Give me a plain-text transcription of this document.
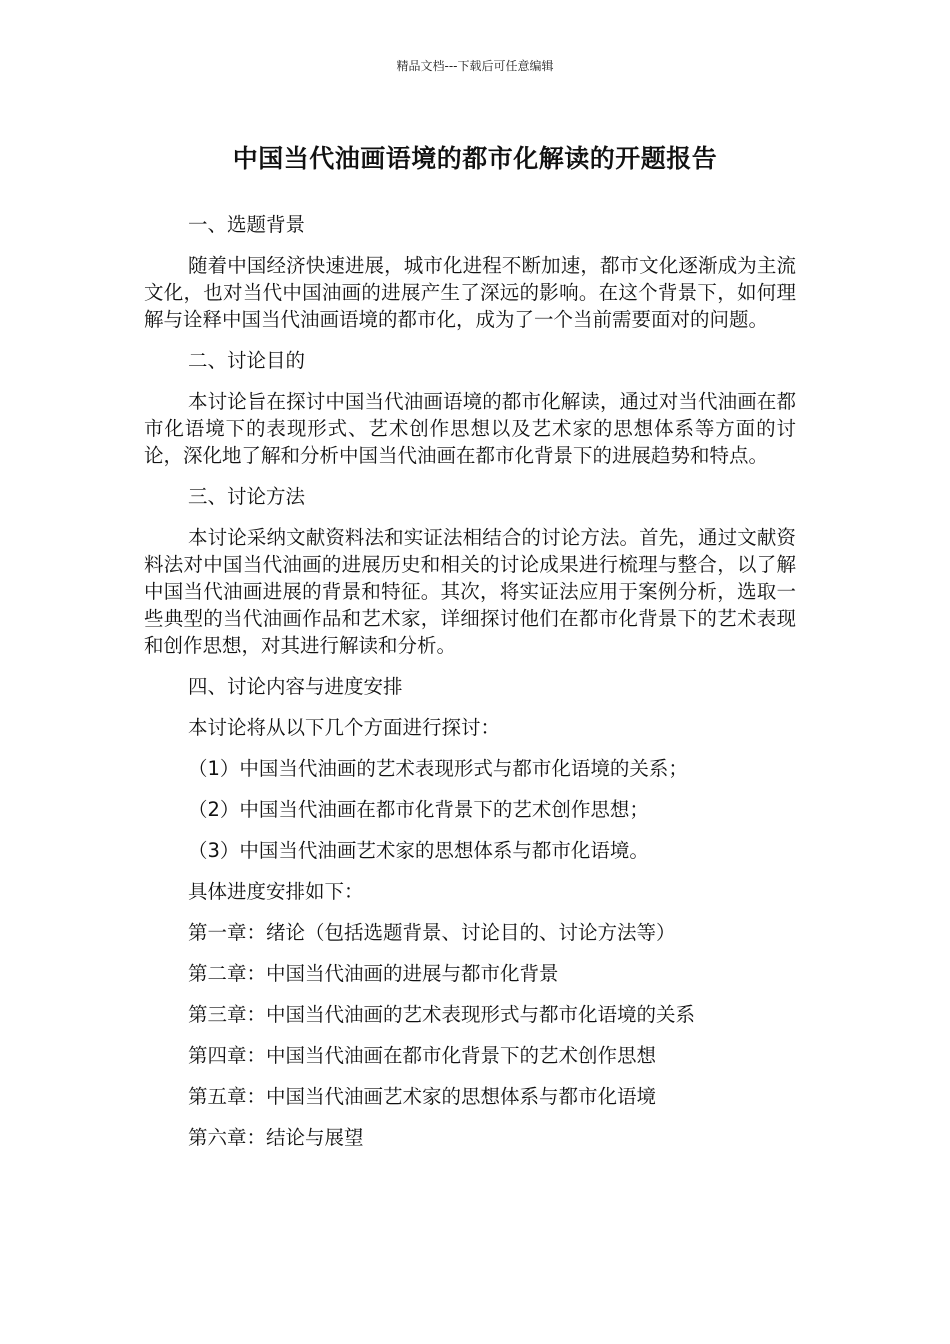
精品文档---下载后可任意编辑
中国当代油画语境的都市化解读的开题报告
一、选题背景
随着中国经济快速进展，城市化进程不断加速，都市文化逐渐成为主流文化，也对当代中国油画的进展产生了深远的影响。在这个背景下，如何理解与诠释中国当代油画语境的都市化，成为了一个当前需要面对的问题。
二、讨论目的
本讨论旨在探讨中国当代油画语境的都市化解读，通过对当代油画在都市化语境下的表现形式、艺术创作思想以及艺术家的思想体系等方面的讨论，深化地了解和分析中国当代油画在都市化背景下的进展趋势和特点。
三、讨论方法
本讨论采纳文献资料法和实证法相结合的讨论方法。首先，通过文献资料法对中国当代油画的进展历史和相关的讨论成果进行梳理与整合，以了解中国当代油画进展的背景和特征。其次，将实证法应用于案例分析，选取一些典型的当代油画作品和艺术家，详细探讨他们在都市化背景下的艺术表现和创作思想，对其进行解读和分析。
四、讨论内容与进度安排
本讨论将从以下几个方面进行探讨：
（1）中国当代油画的艺术表现形式与都市化语境的关系；
（2）中国当代油画在都市化背景下的艺术创作思想；
（3）中国当代油画艺术家的思想体系与都市化语境。
具体进度安排如下：
第一章：绪论（包括选题背景、讨论目的、讨论方法等）
第二章：中国当代油画的进展与都市化背景
第三章：中国当代油画的艺术表现形式与都市化语境的关系
第四章：中国当代油画在都市化背景下的艺术创作思想
第五章：中国当代油画艺术家的思想体系与都市化语境
第六章：结论与展望
